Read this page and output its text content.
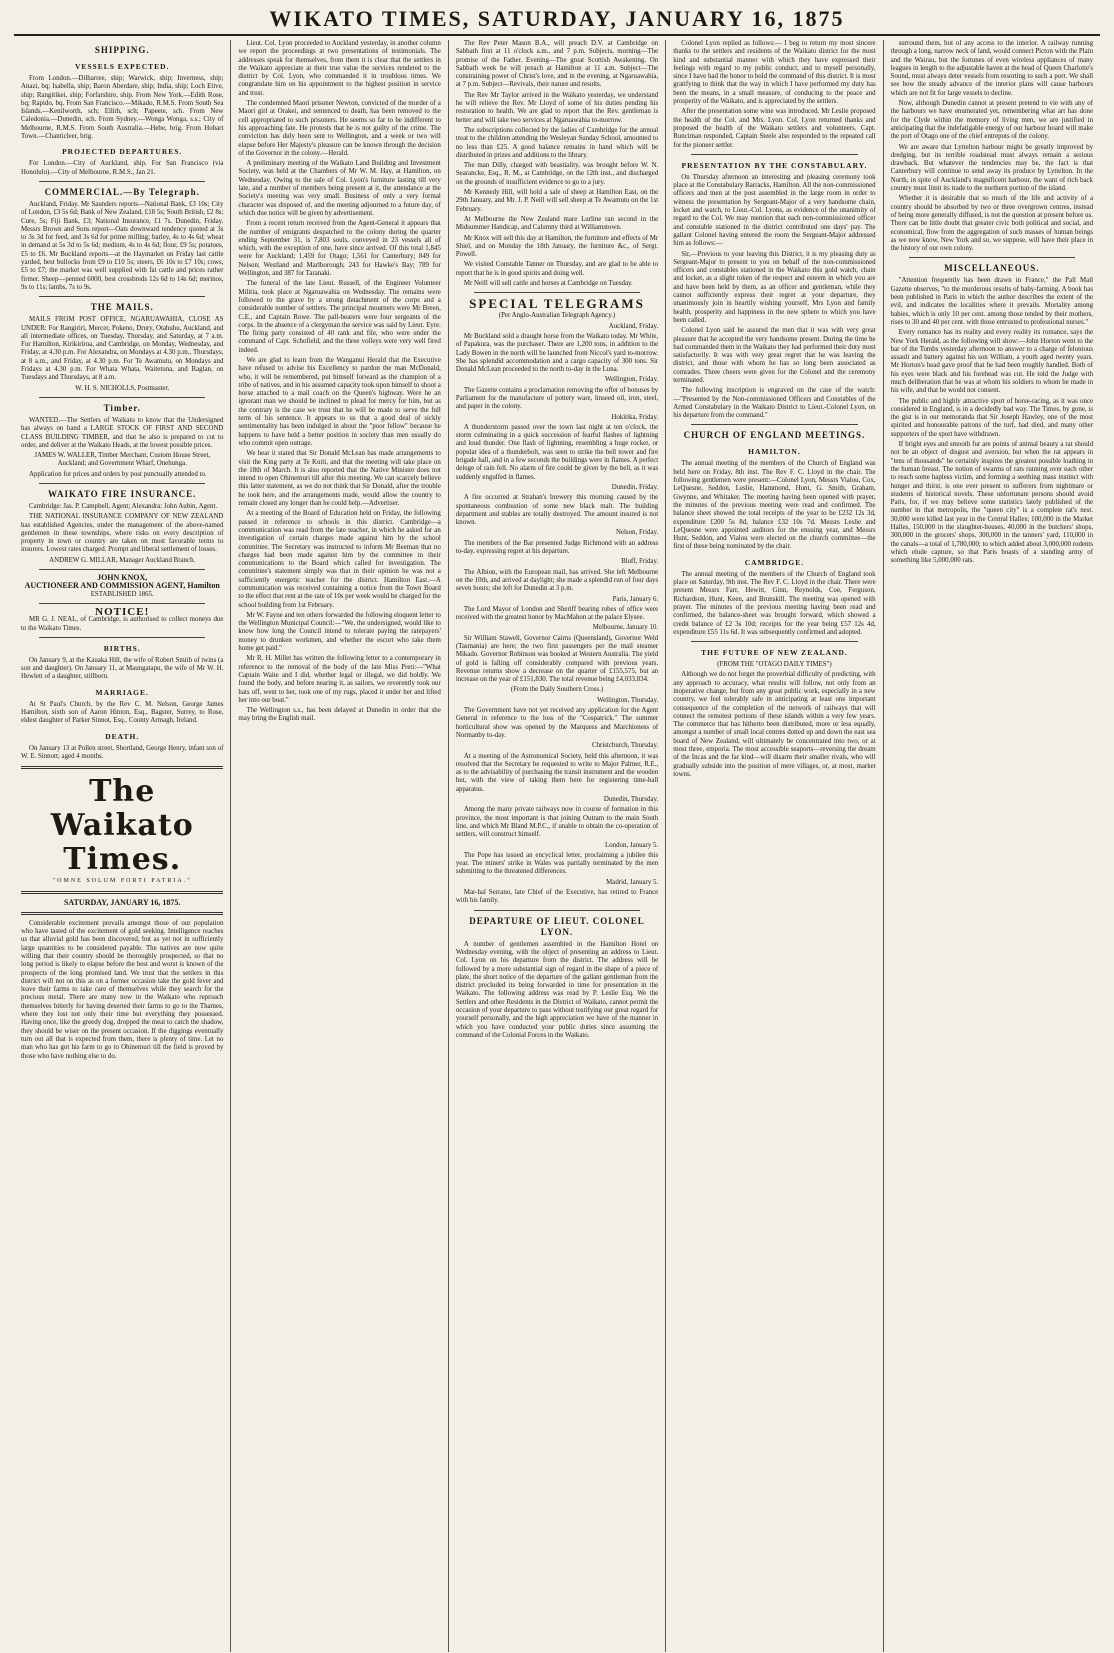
WIKATO TIMES, SATURDAY, JANUARY 16, 1875
SHIPPING.
VESSELS EXPECTED.

From London.—Dilharree, ship; Warwick, ship; Inverness, ship; Anazi, bq; Isabella, ship; Baron Aberdare, ship; India, ship; Loch Etive, ship; Rangitikei, ship; Forfarshire, ship. From New York.—Edith Rose, bq; Rapido, bq. From San Francisco.—Mikado, R.M.S. From South Sea Islands.—Kenilworth, sch; Eilith, sch; Papeete, sch. From New Caledonia.—Dunedin, sch. From Sydney.—Wonga Wonga, s.s.; City of Melbourne, R.M.S. From South Australia.—Hebe, brig. From Hobart Town.—Chanticleer, brig.

PROJECTED DEPARTURES.

For London.—City of Auckland, ship. For San Francisco (via Honolulu).—City of Melbourne, R.M.S., Jan 21.

COMMERCIAL.—By Telegraph.

Auckland, Friday. Mr Saunders reports—National Bank, £3 10s; City of London, £3 5s 6d; Bank of New Zealand, £18 5s; South British, £2 8s; Cure, 5s; Fiji Bank, £3; National Insurance, £1 7s. Dunedin, Friday. Messrs Brown and Sons report—Oats downward tendency quoted at 3s to 3s 3d for feed, and 3s 6d for prime milling; barley, 4s to 4s 6d; wheat in demand at 5s 3d to 5s 6d; medium, 4s to 4s 6d; flour, £9 5s; potatoes, £5 to £6. Mr Buckland reports—at the Haymarket on Friday last cattle yarded, best bullocks from £9 to £10 5s; steers, £6 10s to £7 10s; cows, £5 to £7; the market was well supplied with fat cattle and prices rather firmer. Sheep—penned 6000, best crossbreds 12s 6d to 14s 6d; merinos, 9s to 11s; lambs, 7s to 9s.

THE MAILS.

MAILS FROM POST OFFICE, NGARUAWAHIA, CLOSE AS UNDER: For Rangiriri, Mercer, Pokeno, Drury, Otahuhu, Auckland, and all intermediate offices, on Tuesday, Thursday, and Saturday, at 7 a.m. For Hamilton, Kirikiriroa, and Cambridge, on Monday, Wednesday, and Friday, at 4.30 p.m. For Alexandra, on Mondays at 4.30 p.m., Thursdays, at 8 a.m., and Friday, at 4.30 p.m. For Te Awamutu, on Mondays and Fridays at 4.30 p.m. For Whata Whata, Waitetuna, and Raglan, on Tuesdays and Thursdays, at 8 a.m.

W. H. S. NICHOLLS, Postmaster.

Timber.

WANTED.—The Settlers of Waikato to know that the Undersigned has always on hand a LARGE STOCK OF FIRST AND SECOND CLASS BUILDING TIMBER, and that he also is prepared to cut to order, and deliver at the Waikato Heads, at the lowest possible prices.

JAMES W. WALLER, Timber Merchant, Custom House Street, Auckland; and Government Wharf, Onehunga.

Application for prices and orders by post punctually attended to.

WAIKATO FIRE INSURANCE.

Cambridge: Jas. P. Campbell, Agent; Alexandra: John Aubin, Agent.

THE NATIONAL INSURANCE COMPANY OF NEW ZEALAND has established Agencies, under the management of the above-named gentlemen in these townships, where risks on every description of property in town or country are taken on most favorable terms to insurers. Lowest rates charged. Prompt and liberal settlement of losses.

ANDREW G. MILLAR, Manager Auckland Branch.

JOHN KNOX,
AUCTIONEER AND COMMISSION AGENT, Hamilton
ESTABLISHED 1865.
NOTICE!

MR G. J. NEAL, of Cambridge, is authorised to collect moneys due to the Waikato Times.

BIRTHS.

On January 9, at the Kauaka Hill, the wife of Robert Smith of twins (a son and daughter). On January 11, at Maungatapu, the wife of Mr W. H. Hewlett of a daughter, stillborn.

MARRIAGE.

At St Paul's Church, by the Rev C. M. Nelson, George James Hamilton, sixth son of Aaron Hinton, Esq., Bagster, Surrey, to Rose, eldest daughter of Parker Sinnot, Esq., County Armagh, Ireland.

DEATH.

On January 13 at Pollen street, Shortland, George Henry, infant son of W. E. Sinnott; aged 4 months.

The Waikato Times.
"OMNE SOLUM FORTI PATRIA."
SATURDAY, JANUARY 16, 1875.

Considerable excitement prevails amongst those of our population who have tasted of the excitement of gold seeking. Intelligence reaches us that alluvial gold has been discovered, but as yet not in sufficiently large quantities to be considered payable. The natives are now quite willing that their country should be thoroughly prospected, so that no long period is likely to elapse before the best and worst is known of the prospects of the long promised land. We trust that the settlers in this district will not on this as on a former occasion take the gold fever and leave their farms to take care of themselves while they search for the precious metal. There are many now in the Waikato who reproach themselves bitterly for having deserted their farms to go to the Thames, where they lost not only their time but everything they possessed. Having once, like the greedy dog, dropped the meat to catch the shadow, they should be wiser on the present occasion. If the diggings eventually turn out all that is expected from them, there is plenty of time. Let no man who has got his farm to go to Ohinemuri till the field is proved by those who have nothing else to do.

Lieut. Col. Lyon proceeded to Auckland yesterday, in another column we report the proceedings at two presentations of testimonials. The addresses speak for themselves, from them it is clear that the settlers in the Waikato appreciate at their true value the services rendered to the district by Col. Lyon, who commanded it in troublous times. We congratulate him on his appointment to the highest position in service and trust.

The condemned Maori prisoner Newton, convicted of the murder of a Maori girl at Orakei, and sentenced to death, has been removed to the cell appropriated to such prisoners. He seems so far to be indifferent to his approaching fate. He protests that he is not guilty of the crime. The conviction has duly been sent to Wellington, and a week or two will elapse before Her Majesty's pleasure can be known through the decision of the Governor in the colony.—Herald.

A preliminary meeting of the Waikato Land Building and Investment Society, was held at the Chambers of Mr W. M. Hay, at Hamilton, on Wednesday. Owing to the sale of Col. Lyon's furniture lasting till very late, and a number of members being present at it, the attendance at the Society's meeting was very small. Business of only a very formal character was disposed of, and the meeting adjourned to a future day, of which due notice will be given by advertisement.

From a recent return received from the Agent-General it appears that the number of emigrants despatched to the colony during the quarter ending September 31, is 7,803 souls, conveyed in 23 vessels all of which, with the exception of one, have since arrived. Of this total 1,845 were for Auckland; 1,459 for Otago; 1,561 for Canterbury; 849 for Nelson; Westland and Marlborough; 243 for Hawke's Bay; 789 for Wellington, and 387 for Taranaki.

The funeral of the late Lieut. Russell, of the Engineer Volunteer Militia, took place at Ngaruawahia on Wednesday. The remains were followed to the grave by a strong detachment of the corps and a considerable number of settlers. The principal mourners were Mr Breen, C.E., and Captain Rowe. The pall-bearers were four sergeants of the corps. In the absence of a clergyman the service was said by Lieut. Eyre. The firing party consisted of 40 rank and file, who were under the command of Capt. Schofield, and the three volleys were very well fired indeed.

We are glad to learn from the Wanganui Herald that the Executive have refused to advise his Excellency to pardon the man McDonald, who, it will be remembered, put himself forward as the champion of a tribe of natives, and in his assumed capacity took upon himself to shoot a horse attached to a mail coach on the Queen's highway. Were he an ignorant man we should be inclined to plead for mercy for him, but as the contrary is the case we trust that he will be made to serve the full term of his sentence. It appears to us that a good deal of sickly sentimentality has been indulged in about the "poor fellow" because he happens to have held a better position in society than men usually do who commit open outrage.

We hear it stated that Sir Donald McLean has made arrangements to visit the King party at Te Kuiti, and that the meeting will take place on the 18th of March. It is also reported that the Native Minister does not intend to open Ohinemuri till after this meeting. We can scarcely believe this latter statement, as we do not think that Sir Donald, after the trouble he took here, and the arrangements made, would allow the country to remain closed any longer than he could help.—Advertiser.

At a meeting of the Board of Education held on Friday, the following passed in reference to schools in this district. Cambridge—a communication was read from the late teacher, in which he asked for an investigation of certain charges made against him by the school committee. The Secretary was instructed to inform Mr Beeman that no charges had been made against him by the committee in their communications to the Board which called for investigation. The committee's statement simply was that in their opinion he was not a sufficiently energetic teacher for the district. Hamilton East.—A communication was received containing a notice from the Town Board to the effect that rent at the rate of 10s per week would be charged for the school building from 1st February.

Mr W. Fayne and ten others forwarded the following eloquent letter to the Wellington Municipal Council:—"We, the undersigned, would like to know how long the Council intend to tolerate paying the ratepayers' money to drunken workmen, and whether the escort who take them home get paid."

Mr R. H. Millet has written the following letter to a contemporary in reference to the removal of the body of the late Miss Preti:—"What Captain Waite and I did, whether legal or illegal, we did boldly. We found the body, and before nearing it, as sailors, we reverently took our hats off, went to her, took one of my rugs, placed it under her and lifted her into our boat."

The Wellington s.s., has been delayed at Dunedin in order that she may bring the English mail.

The Rev Peter Mason B.A., will preach D.V. at Cambridge on Sabbath first at 11 o'clock a.m., and 7 p.m. Subjects, morning—The promise of the Father. Evening—The great Scottish Awakening. On Sabbath week he will preach at Hamilton at 11 a.m. Subject—The constraining power of Christ's love, and in the evening, at Ngaruawahia, at 7 p.m. Subject—Revivals, their nature and results.

The Rev Mr Taylor arrived in the Waikato yesterday, we understand he will relieve the Rev. Mr Lloyd of some of his duties pending his restoration to health. We are glad to report that the Rev. gentleman is better and will take two services at Ngaruawahia to-morrow.

The subscriptions collected by the ladies of Cambridge for the annual treat to the children attending the Wesleyan Sunday School, amounted to no less than £25. A good balance remains in hand which will be distributed in prizes and additions to the library.

The man Dilly, charged with beastiality, was brought before W. N. Searancke, Esq., R. M., at Cambridge, on the 12th inst., and discharged on the grounds of insufficient evidence to go to a jury.

Mr Kennedy Hill, will hold a sale of sheep at Hamilton East, on the 29th January, and Mr. J. P. Neill will sell sheep at Te Awamutu on the 1st February.

At Melbourne the New Zealand mare Lurline ran second in the Midsummer Handicap, and Calumny third at Williamstown.

Mr Knox will sell this day at Hamilton, the furniture and effects of Mr Shiel, and on Monday the 18th January, the furniture &c., of Sergt. Powell.

We visited Constable Tanner on Thursday, and are glad to be able to report that he is in good spirits and doing well.

Mr Neill will sell cattle and horses at Cambridge on Tuesday.

SPECIAL TELEGRAMS

(Per Anglo-Australian Telegraph Agency.)

Auckland, Friday.

Mr Buckland sold a draught horse from the Waikato today. Mr White, of Papakura, was the purchaser. There are 1,200 tons, in addition to the Lady Bowen in the north will be launched from Niccol's yard to-morrow. She has splendid accommodation and a cargo capacity of 300 tons. Sir Donald McLean proceeded to the north to-day in the Luna.

Wellington, Friday.

The Gazette contains a proclamation removing the offer of bonuses by Parliament for the manufacture of pottery ware, linseed oil, iron, steel, and paper in the colony.

Hokitika, Friday.

A thunderstorm passed over the town last night at ten o'clock, the storm culminating in a quick succession of fearful flashes of lightning and loud thunder. One flash of lightning, resembling a huge rocket, or popular idea of a thunderbolt, was seen to strike the bell tower and fire brigade hall, and in a few seconds the buildings were in flames. A perfect deluge of rain fell. No alarm of fire could be given by the bell, as it was suddenly engulfed in flames.

Dunedin, Friday.

A fire occurred at Strahan's brewery this morning caused by the spontaneous combustion of some new black malt. The building department and stables are totally destroyed. The amount insured is not known.

Nelson, Friday.

The members of the Bar presented Judge Richmond with an address to-day, expressing regret at his departure.

Bluff, Friday.

The Albion, with the European mail, has arrived. She left Melbourne on the 10th, and arrived at daylight; she made a splendid run of four days seven hours; she left for Dunedin at 3 p.m.

Paris, January 6.

The Lord Mayor of London and Sheriff bearing robes of office were received with the greatest honor by MacMahon at the palace Elysee.

Melbourne, January 10.

Sir William Stawell, Governor Cairns (Queensland), Governor Weld (Tasmania) are here; the two first passengers per the mail steamer Mikado. Governor Robinson was booked at Western Australia. The yield of gold is falling off considerably compared with previous years. Revenue returns show a decrease on the quarter of £155,575, but an increase on the year of £151,830. The total revenue being £4,033,834.

(From the Daily Southern Cross.)

Wellington, Thursday.

The Government have not yet received any application for the Agent General in reference to the loss of the "Cospatrick." The summer horticultural show was opened by the Marquess and Marchioness of Normanby to-day.

Christchurch, Thursday.

At a meeting of the Astronomical Society, held this afternoon, it was resolved that the Secretary be requested to write to Major Palmer, R.E., as to the advisability of purchasing the transit instrument and the wooden hut, with the view of taking them here for registering time-ball apparatus.

Dunedin, Thursday.

Among the many private railways now in course of formation in this province, the most important is that joining Outram to the main South line, and which Mr Bland M.P.C., if unable to obtain the co-operation of settlers, will construct himself.

London, January 5.

The Pope has issued an encyclical letter, proclaiming a jubilee this year. The miners' strike in Wales was partially terminated by the men submitting to the threatened differences.

Madrid, January 5.

Mar-hal Serrano, late Chief of the Executive, has retired to France with his family.

DEPARTURE OF LIEUT. COLONEL LYON.

A number of gentlemen assembled in the Hamilton Hotel on Wednesday evening, with the object of presenting an address to Lieut. Col. Lyon on his departure from the district. The address will be followed by a more substantial sign of regard in the shape of a piece of plate, the short notice of the departure of the gallant gentleman from the district precluded its being forwarded in time for presentation in the Waikato. The following address was read by P. Leslie Esq. We the Settlers and other Residents in the District of Waikato, cannot permit the occasion of your departure to pass without testifying our great regard for yourself personally, and the high appreciation we have of the manner in which you have conducted your public duties since assuming the command of the Colonial Forces in the Waikato.

Colonel Lyon replied as follows:— I beg to return my most sincere thanks to the settlers and residents of the Waikato district for the most kind and substantial manner with which they have expressed their feelings with regard to my public conduct, and to myself personally, since I have had the honor to hold the command of this district. It is most gratifying to think that the way in which I have performed my duty has been the means, in a small measure, of conducing to the peace and prosperity of the Waikato, and is appreciated by the settlers.

After the presentation some wine was introduced. Mr Leslie proposed the health of the Col. and Mrs. Lyon. Col. Lyon returned thanks and proposed the health of the Waikato settlers and volunteers. Capt. Runciman responded, Captain Steele also responded to the repeated call for the pioneer settler.

PRESENTATION BY THE CONSTABULARY.

On Thursday afternoon an interesting and pleasing ceremony took place at the Constabulary Barracks, Hamilton. All the non-commissioned officers and men at the post assembled in the large room in order to witness the presentation by Sergeant-Major of a very handsome chain, locket and watch, to Lieut.-Col. Lyons, as evidence of the unanimity of regard to the Col. We may mention that each non-commissioned officer and constable stationed in the district contributed one days' pay. The gallant Colonel having entered the room the Sergeant-Major addressed him as follows:—

Sir,—Previous to your leaving this District, it is my pleasing duty as Sergeant-Major to present to you on behalf of the non-commissioned officers and constables stationed in the Waikato this gold watch, chain and locket, as a slight token of the respect and esteem in which you are and have been held by them, as an officer and gentleman, while they cannot sufficiently express their regret at your departure, they unanimously join in heartily wishing yourself, Mrs Lyon and family health, prosperity and happiness in the new sphere to which you have been called.

Colonel Lyon said he assured the men that it was with very great pleasure that he accepted the very handsome present. During the time he had commanded them in the Waikato they had performed their duty most satisfactorily. It was with very great regret that he was leaving the district, and those with whom he has so long been associated as comrades. Three cheers were given for the Colonel and the ceremony terminated.

The following inscription is engraved on the case of the watch:—"Presented by the Non-commissioned Officers and Constables of the Armed Constabulary in the Waikato District to Lieut.-Colonel Lyon, on his departure from the command."

CHURCH OF ENGLAND MEETINGS.
HAMILTON.

The annual meeting of the members of the Church of England was held here on Friday, 8th inst. The Rev F. C. Lloyd in the chair. The following gentlemen were present:—Colonel Lyon, Messrs Vialou, Cox, LeQuesne, Seddon, Leslie, Hammond, Hunt, G. Smith, Graham, Gwynne, and Whitaker. The meeting having been opened with prayer, the minutes of the previous meeting were read and confirmed. The balance sheet showed the total receipts of the year to be £232 12s 3d, expenditure £200 5s 8d, balance £32 10s 7d. Messrs Leslie and LeQuesne were appointed auditors for the ensuing year, and Messrs Hunt, Seddon, and Vialou were elected on the church committee—the first of these being nominated by the chair.

CAMBRIDGE.

The annual meeting of the members of the Church of England took place on Saturday, 9th inst. The Rev F. C. Lloyd in the chair. There were present Messrs Farr, Hewitt, Ginn, Reynolds, Coe, Ferguson, Richardson, Hunt, Keen, and Brunskill. The meeting was opened with prayer. The minutes of the previous meeting having been read and confirmed, the balance-sheet was brought forward, which showed a credit balance of £2 3s 10d; receipts for the year being £57 12s 4d, expenditure £55 11s 6d. It was subsequently confirmed and adopted.

THE FUTURE OF NEW ZEALAND.

(FROM THE "OTAGO DAILY TIMES")

Although we do not forget the proverbial difficulty of predicting, with any approach to accuracy, what results will follow, not only from an inoperative change, but from any great public work, especially in a new country, we feel tolerably safe in anticipating at least one important consequence of the completion of the network of railways that will connect the remotest portions of these islands within a very few years. The commerce that has hitherto been distributed, more or less equally, amongst a number of small local centres dotted up and down the east sea board of New Zealand, will ultimately be concentrated into two, or at most three, emporia. The most accessible seaports—reversing the dream of the Incas and the far kind—will disarm their smaller rivals, who will gradually subside into the position of mere villages, or, at most, market towns.

surround them, but of any access to the interior. A railway running through a long, narrow neck of land, would connect Picton with the Plain and the Wairau, but the fortunes of even wireless appliances of many leagues in length to the adjustable haven at the head of Queen Charlotte's Sound, must always deter vessels from resorting to such a port. We shall see how the steady advance of the interior plans will cause harbours which are not fit for large vessels to decline.

Now, although Dunedin cannot at present pretend to vie with any of the harbours we have enumerated yet, remembering what art has done for the Clyde within the memory of living men, we are justified in anticipating that the indefatigable energy of our harbour board will make the port of Otago one of the chief entrepots of the colony.

We are aware that Lyttelton harbour might be greatly improved by dredging, but its terrible roadstead must always remain a serious drawback. But whatever the tendencies may be, the fact is that Canterbury will continue to send away its produce by Lyttelton. In the North, in spite of Auckland's magnificent harbour, the want of rich back country must limit its trade to the northern portion of the island.

Whether it is desirable that so much of the life and activity of a country should be absorbed by two or three overgrown centres, instead of being more generally diffused, is not the question at present before us. There can be little doubt that greater civic both political and social, and economical, flow from the aggregation of such masses of human beings as we now know, New York and so, we suppose, will have their place in the history of our own colony.

MISCELLANEOUS.

"Attention frequently has been drawn in France," the Pall Mall Gazette observes, "to the murderous results of baby-farming. A book has been published in Paris in which the author describes the extent of the evil, and indicates the localities where it prevails. Mortality among babies, which is only 10 per cent. among those tended by their mothers, rises to 30 and 40 per cent. with those entrusted to professional nurses."

Every romance has its reality and every reality its romance, says the New York Herald, as the following will show:—John Horton went to the bar of the Tombs yesterday afternoon to answer to a charge of felonious assault and battery against his son William, a youth aged twenty years. Mr Horton's head gave proof that he had been roughly handled. Both of his eyes were black and his forehead was cut. He told the Judge with much deliberation that he was at whom his soldiers to whom be made in his wife, and that he would not consent.

The public and highly attractive sport of horse-racing, as it was once considered in England, is in a decidedly bad way. The Times, by gone, is the gist is in our memoranda that Sir Joseph Hawley, one of the most spirited and honourable patrons of the turf, had died, and many other supporters of the sport have withdrawn.

If bright eyes and smooth fur are points of animal beauty a rat should not be an object of disgust and aversion, but when the rat appears in "tens of thousands" he certainly inspires the greatest possible loathing in the human breast. The notion of swarms of rats running over each other to reach some hapless victim, and forming a seething mass instinct with hunger and thirst, is one ever present to sufferers from nightmare or students of historical novels. These unfortunate persons should avoid Paris, for, if we may believe some statistics lately published of the number in that metropolis, the "queen city" is a complete rat's nest. 30,000 were killed last year in the Central Halles; 100,000 in the Market Halles, 150,000 in the slaughter-houses, 40,000 in the butchers' shops, 300,000 in the grocers' shops, 300,000 in the tanners' yard, 110,000 in the canals—a total of 1,780,000; to which added about 3,000,000 rodents which elude capture, so that Paris boasts of a standing army of something like 5,000,000 rats.
